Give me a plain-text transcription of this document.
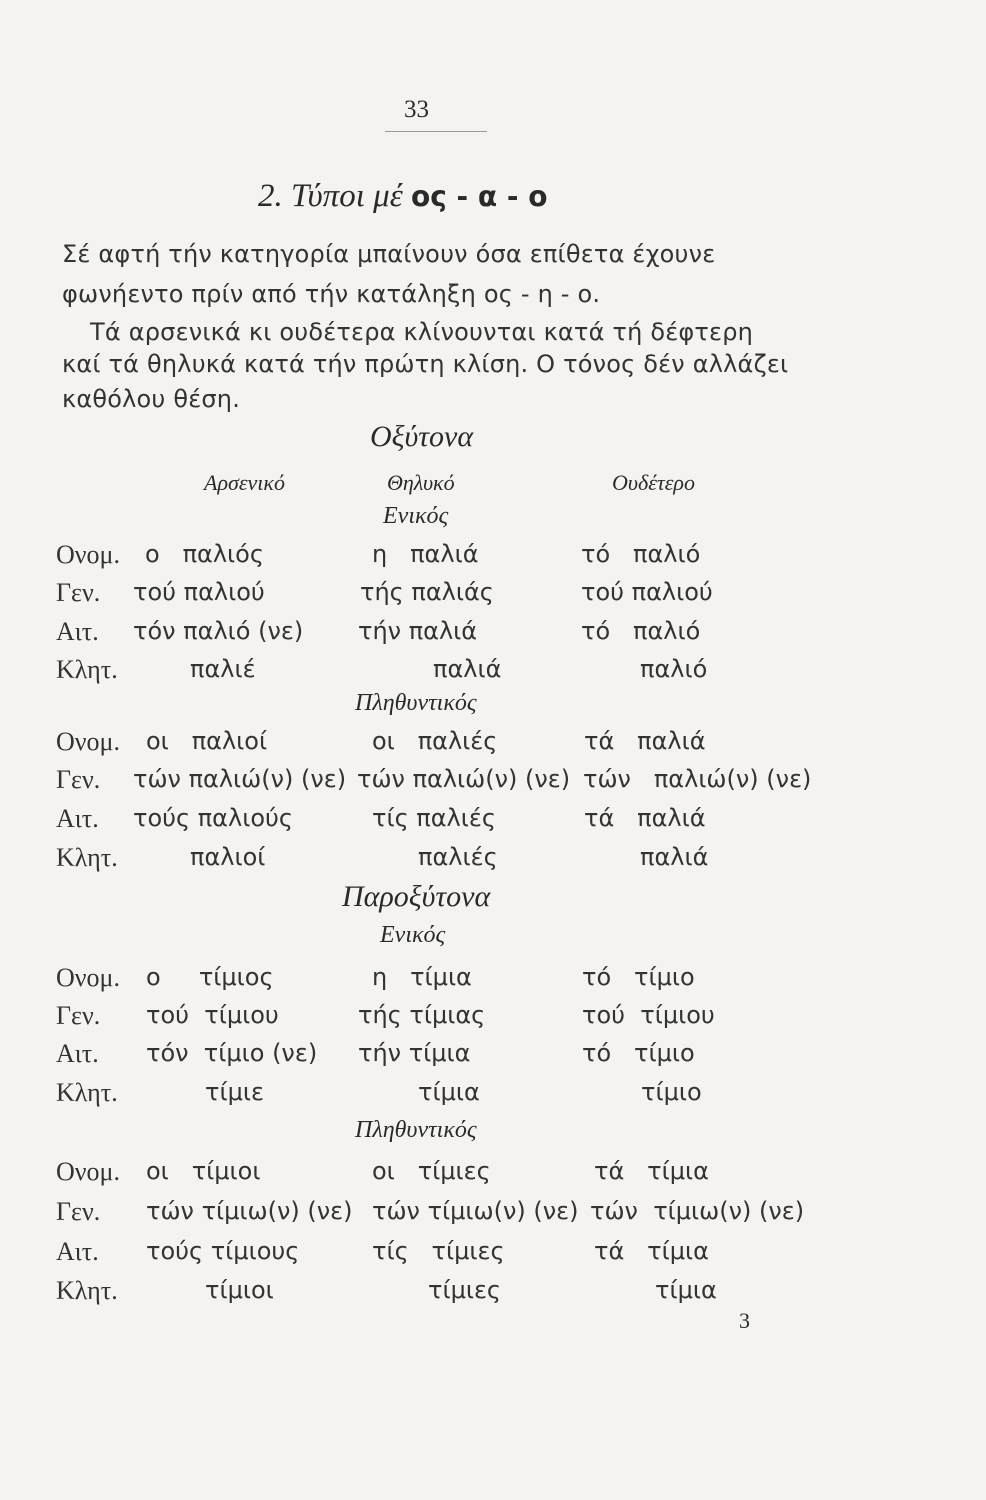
33
2. Τύποι μέ ος - α - ο
Σέ αφτή τήν κατηγορία μπαίνουν όσα επίθετα έχουνε
φωνήεντο πρίν από τήν κατάληξη ος - η - ο.
Τά αρσενικά κι ουδέτερα κλίνουνται κατά τή δέφτερη
καί τά θηλυκά κατά τήν πρώτη κλίση. Ο τόνος δέν αλλάζει
καθόλου θέση.
Οξύτονα
Αρσενικό	Θηλυκό	Ουδέτερο
Ενικός
Ονομ. ο   παλιός	η   παλιά	τό   παλιό
Γεν. τού παλιού	τής παλιάς	τού παλιού
Αιτ. τόν παλιό (νε) τήν παλιά	τό   παλιό
Κλητ.	παλιέ	παλιά	παλιό
Πληθυντικός
Ονομ. οι   παλιοί	οι   παλιές	τά   παλιά
Γεν. τών παλιώ(ν) (νε) τών παλιώ(ν) (νε) τών   παλιώ(ν) (νε)
Αιτ. τούς παλιούς	τίς παλιές	τά   παλιά
Κλητ.	παλιοί	παλιές	παλιά
Παροξύτονα
Ενικός
Ονομ. ο     τίμιος	η   τίμια	τό   τίμιο
Γεν. τού  τίμιου	τής τίμιας	τού  τίμιου
Αιτ. τόν  τίμιο (νε) τήν τίμια	τό   τίμιο
Κλητ.	τίμιε	τίμια	τίμιο
Πληθυντικός
Ονομ. οι   τίμιοι	οι   τίμιες	τά   τίμια
Γεν. τών τίμιω(ν) (νε) τών τίμιω(ν) (νε) τών  τίμιω(ν) (νε)
Αιτ. τούς τίμιους	τίς   τίμιες	τά   τίμια
Κλητ.	τίμιοι	τίμιες	τίμια
3
